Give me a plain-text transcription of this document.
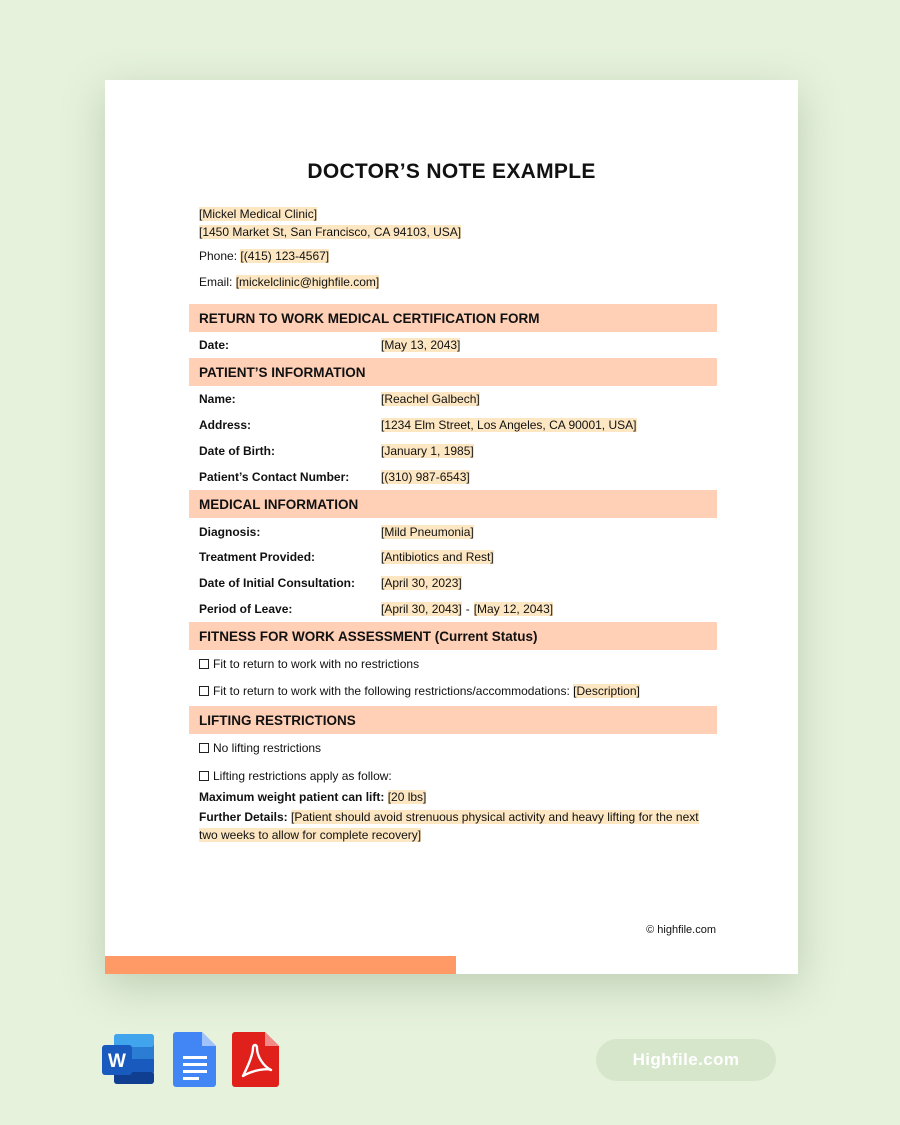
DOCTOR’S NOTE EXAMPLE
[Mickel Medical Clinic]
[1450 Market St, San Francisco, CA 94103, USA]
Phone: [(415) 123-4567]
Email: [mickelclinic@highfile.com]
RETURN TO WORK MEDICAL CERTIFICATION FORM
Date:	[May 13, 2043]
PATIENT’S INFORMATION
Name:	[Reachel Galbech]
Address:	[1234 Elm Street, Los Angeles, CA 90001, USA]
Date of Birth:	[January 1, 1985]
Patient’s Contact Number:	[(310) 987-6543]
MEDICAL INFORMATION
Diagnosis:	[Mild Pneumonia]
Treatment Provided:	[Antibiotics and Rest]
Date of Initial Consultation: [April 30, 2023]
Period of Leave:	[April 30, 2043] - [May 12, 2043]
FITNESS FOR WORK ASSESSMENT (Current Status)
Fit to return to work with no restrictions
Fit to return to work with the following restrictions/accommodations: [Description]
LIFTING RESTRICTIONS
No lifting restrictions
Lifting restrictions apply as follow:
Maximum weight patient can lift: [20 lbs]
Further Details: [Patient should avoid strenuous physical activity and heavy lifting for the next two weeks to allow for complete recovery]
© highfile.com
W	Highfile.com
